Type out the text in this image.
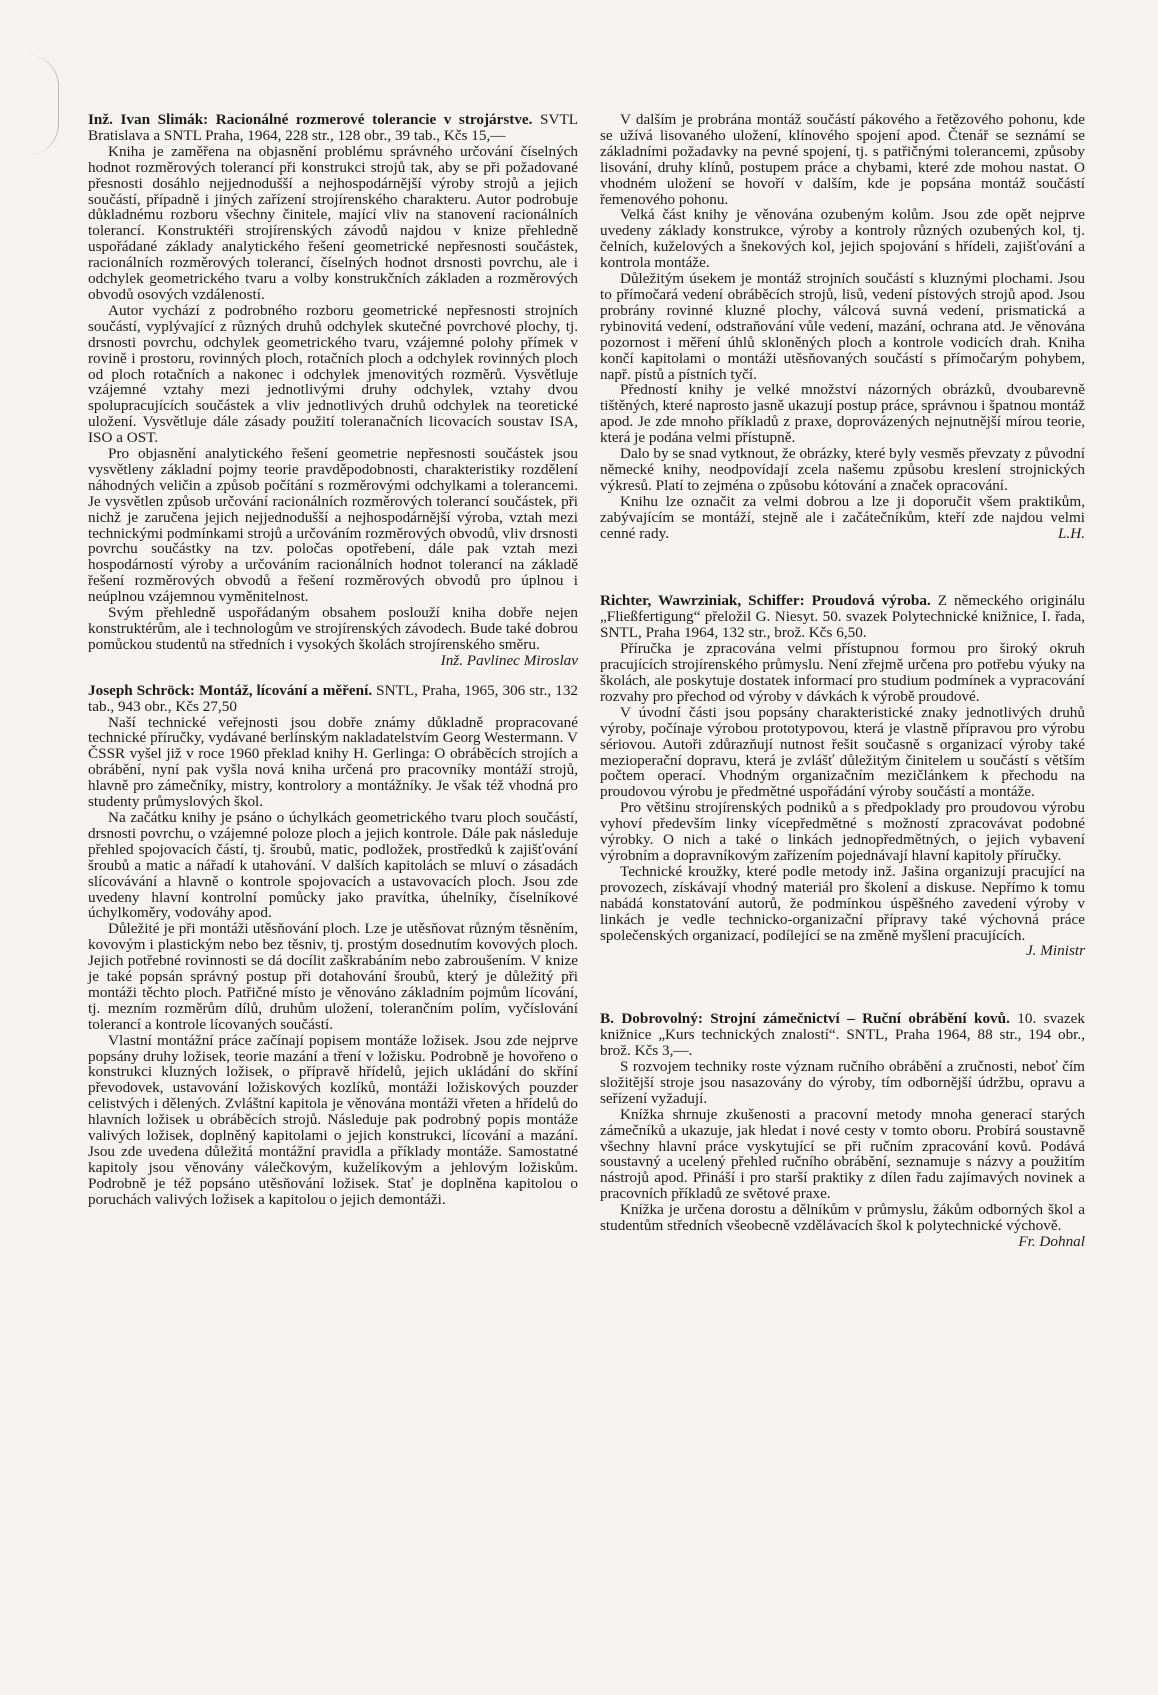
Inž. Ivan Slimák: Racionálné rozmerové tolerancie v strojárstve. SVTL Bratislava a SNTL Praha, 1964, 228 str., 128 obr., 39 tab., Kčs 15,—

Kniha je zaměřena na objasnění problému správného určování číselných hodnot rozměrových tolerancí při konstrukci strojů tak, aby se při požadované přesnosti dosáhlo nejjednodušší a nejhospodárnější výroby strojů a jejich součástí, případně i jiných zařízení strojírenského charakteru. Autor podrobuje důkladnému rozboru všechny činitele, mající vliv na stanovení racionálních tolerancí. Konstruktéři strojírenských závodů najdou v knize přehledně uspořádané základy analytického řešení geometrické nepřesnosti součástek, racionálních rozměrových tolerancí, číselných hodnot drsnosti povrchu, ale i odchylek geometrického tvaru a volby konstrukčních základen a rozměrových obvodů osových vzdáleností.

Autor vychází z podrobného rozboru geometrické nepřesnosti strojních součástí, vyplývající z různých druhů odchylek skutečné povrchové plochy, tj. drsnosti povrchu, odchylek geometrického tvaru, vzájemné polohy přímek v rovině i prostoru, rovinných ploch, rotačních ploch a odchylek rovinných ploch od ploch rotačních a nakonec i odchylek jmenovitých rozměrů. Vysvětluje vzájemné vztahy mezi jednotlivými druhy odchylek, vztahy dvou spolupracujících součástek a vliv jednotlivých druhů odchylek na teoretické uložení. Vysvětluje dále zásady použití toleranačních licovacích soustav ISA, ISO a OST.

Pro objasnění analytického řešení geometrie nepřesnosti součástek jsou vysvětleny základní pojmy teorie pravděpodobnosti, charakteristiky rozdělení náhodných veličin a způsob počítání s rozměrovými odchylkami a tolerancemi. Je vysvětlen způsob určování racionálních rozměrových tolerancí součástek, při nichž je zaručena jejich nejjednodušší a nejhospodárnější výroba, vztah mezi technickými podmínkami strojů a určováním rozměrových obvodů, vliv drsnosti povrchu součástky na tzv. poločas opotřebení, dále pak vztah mezi hospodárností výroby a určováním racionálních hodnot tolerancí na základě řešení rozměrových obvodů a řešení rozměrových obvodů pro úplnou i neúplnou vzájemnou vyměnitelnost.

Svým přehledně uspořádaným obsahem poslouží kniha dobře nejen konstruktérům, ale i technologům ve strojírenských závodech. Bude také dobrou pomůckou studentů na středních i vysokých školách strojírenského směru.

Inž. Pavlinec Miroslav

Joseph Schröck: Montáž, lícování a měření. SNTL, Praha, 1965, 306 str., 132 tab., 943 obr., Kčs 27,50

Naší technické veřejnosti jsou dobře známy důkladně propracované technické příručky, vydávané berlínským nakladatelstvím Georg Westermann. V ČSSR vyšel již v roce 1960 překlad knihy H. Gerlinga: O obráběcích strojích a obrábění, nyní pak vyšla nová kniha určená pro pracovníky montáží strojů, hlavně pro zámečníky, mistry, kontrolory a montážníky. Je však též vhodná pro studenty průmyslových škol.

Na začátku knihy je psáno o úchylkách geometrického tvaru ploch součástí, drsnosti povrchu, o vzájemné poloze ploch a jejich kontrole. Dále pak následuje přehled spojovacích částí, tj. šroubů, matic, podložek, prostředků k zajišťování šroubů a matic a nářadí k utahování. V dalších kapitolách se mluví o zásadách slícovávání a hlavně o kontrole spojovacích a ustavovacích ploch. Jsou zde uvedeny hlavní kontrolní pomůcky jako pravítka, úhelníky, číselníkové úchylkoměry, vodováhy apod.

Důležité je při montáži utěsňování ploch. Lze je utěsňovat různým těsněním, kovovým i plastickým nebo bez těsniv, tj. prostým dosednutím kovových ploch. Jejich potřebné rovinnosti se dá docílit zaškrabáním nebo zabroušením. V knize je také popsán správný postup při dotahování šroubů, který je důležitý při montáži těchto ploch. Patřičné místo je věnováno základním pojmům lícování, tj. mezním rozměrům dílů, druhům uložení, tolerančním polím, vyčíslování tolerancí a kontrole lícovaných součástí.

Vlastní montážní práce začínají popisem montáže ložisek. Jsou zde nejprve popsány druhy ložisek, teorie mazání a tření v ložisku. Podrobně je hovořeno o konstrukci kluzných ložisek, o přípravě hřídelů, jejich ukládání do skříní převodovek, ustavování ložiskových kozlíků, montáži ložiskových pouzder celistvých i dělených. Zvláštní kapitola je věnována montáži vřeten a hřídelů do hlavních ložisek u obráběcích strojů. Následuje pak podrobný popis montáže valivých ložisek, doplněný kapitolami o jejich konstrukci, lícování a mazání. Jsou zde uvedena důležitá montážní pravidla a příklady montáže. Samostatné kapitoly jsou věnovány válečkovým, kuželíkovým a jehlovým ložiskům. Podrobně je též popsáno utěsňování ložisek. Stať je doplněna kapitolou o poruchách valivých ložisek a kapitolou o jejich demontáži.

V dalším je probrána montáž součástí pákového a řetězového pohonu, kde se užívá lisovaného uložení, klínového spojení apod. Čtenář se seznámí se základními požadavky na pevné spojení, tj. s patřičnými tolerancemi, způsoby lisování, druhy klínů, postupem práce a chybami, které zde mohou nastat. O vhodném uložení se hovoří v dalším, kde je popsána montáž součástí řemenového pohonu.

Velká část knihy je věnována ozubeným kolům. Jsou zde opět nejprve uvedeny základy konstrukce, výroby a kontroly různých ozubených kol, tj. čelních, kuželových a šnekových kol, jejich spojování s hřídeli, zajišťování a kontrola montáže.

Důležitým úsekem je montáž strojních součástí s kluznými plochami. Jsou to přímočará vedení obráběcích strojů, lisů, vedení pístových strojů apod. Jsou probrány rovinné kluzné plochy, válcová suvná vedení, prismatická a rybinovitá vedení, odstraňování vůle vedení, mazání, ochrana atd. Je věnována pozornost i měření úhlů skloněných ploch a kontrole vodicích drah. Kniha končí kapitolami o montáži utěsňovaných součástí s přímočarým pohybem, např. pístů a pístních tyčí.

Předností knihy je velké množství názorných obrázků, dvoubarevně tištěných, které naprosto jasně ukazují postup práce, správnou i špatnou montáž apod. Je zde mnoho příkladů z praxe, doprovázených nejnutnější mírou teorie, která je podána velmi přístupně.

Dalo by se snad vytknout, že obrázky, které byly vesměs převzaty z původní německé knihy, neodpovídají zcela našemu způsobu kreslení strojnických výkresů. Platí to zejména o způsobu kótování a značek opracování.

Knihu lze označit za velmi dobrou a lze ji doporučit všem praktikům, zabývajícím se montáží, stejně ale i začátečníkům, kteří zde najdou velmi cenné rady.	L.H.

Richter, Wawrziniak, Schiffer: Proudová výroba. Z německého originálu „Fließfertigung“ přeložil G. Niesyt. 50. svazek Polytechnické knižnice, I. řada, SNTL, Praha 1964, 132 str., brož. Kčs 6,50.

Příručka je zpracována velmi přístupnou formou pro široký okruh pracujících strojírenského průmyslu. Není zřejmě určena pro potřebu výuky na školách, ale poskytuje dostatek informací pro studium podmínek a vypracování rozvahy pro přechod od výroby v dávkách k výrobě proudové.

V úvodní části jsou popsány charakteristické znaky jednotlivých druhů výroby, počínaje výrobou prototypovou, která je vlastně přípravou pro výrobu sériovou. Autoři zdůrazňují nutnost řešit současně s organizací výroby také mezioperační dopravu, která je zvlášť důležitým činitelem u součástí s větším počtem operací. Vhodným organizačním mezičlánkem k přechodu na proudovou výrobu je předmětné uspořádání výroby součástí a montáže.

Pro většinu strojírenských podniků a s předpoklady pro proudovou výrobu vyhoví především linky vícepředmětné s možností zpracovávat podobné výrobky. O nich a také o linkách jednopředmětných, o jejich vybavení výrobním a dopravníkovým zařízením pojednávají hlavní kapitoly příručky.

Technické kroužky, které podle metody inž. Jašina organizují pracující na provozech, získávají vhodný materiál pro školení a diskuse. Nepřímo k tomu nabádá konstatování autorů, že podmínkou úspěšného zavedení výroby v linkách je vedle technicko-organizační přípravy také výchovná práce společenských organizací, podílející se na změně myšlení pracujících.

J. Ministr

B. Dobrovolný: Strojní zámečnictví – Ruční obrábění kovů. 10. svazek knižnice „Kurs technických znalostí“. SNTL, Praha 1964, 88 str., 194 obr., brož. Kčs 3,—.

S rozvojem techniky roste význam ručního obrábění a zručnosti, neboť čím složitější stroje jsou nasazovány do výroby, tím odbornější údržbu, opravu a seřízení vyžadují.

Knížka shrnuje zkušenosti a pracovní metody mnoha generací starých zámečníků a ukazuje, jak hledat i nové cesty v tomto oboru. Probírá soustavně všechny hlavní práce vyskytující se při ručním zpracování kovů. Podává soustavný a ucelený přehled ručního obrábění, seznamuje s názvy a použitím nástrojů apod. Přináší i pro starší praktiky z dílen řadu zajímavých novinek a pracovních příkladů ze světové praxe.

Knížka je určena dorostu a dělníkům v průmyslu, žákům odborných škol a studentům středních všeobecně vzdělávacích škol k polytechnické výchově.
Fr. Dohnal
